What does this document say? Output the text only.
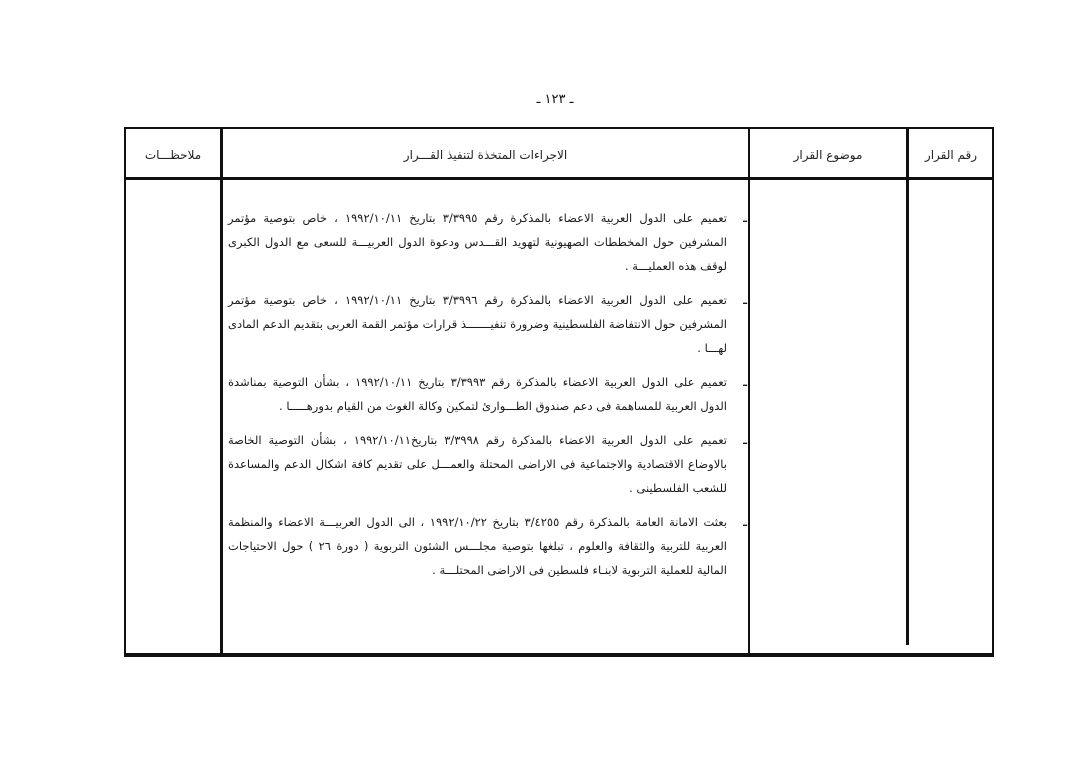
ـ ١٢٣ ـ
رقم القرار
موضوع القرار
الاجراءات المتخذة لتنفيذ القـــرار
ملاحظـــات
ـ
تعميم على الدول العربية الاعضاء بالمذكرة رقم ٣/٣٩٩٥ بتاريخ ١٩٩٢/١٠/١١ ، خاص بتوصية مؤتمر المشرفين حول المخططات الصهيونية لتهويد القـــدس ودعوة الدول العربيـــة للسعى مع الدول الكبرى لوقف هذه العمليـــة .
ـ
تعميم على الدول العربية الاعضاء بالمذكرة رقم ٣/٣٩٩٦ بتاريخ ١٩٩٢/١٠/١١ ، خاص بتوصية مؤتمر المشرفين حول الانتفاضة الفلسطينية وضرورة تنفيـــــــذ قرارات مؤتمر القمة العربى بتقديم الدعم المادى لهـــا .
ـ
تعميم على الدول العربية الاعضاء بالمذكرة رقم ٣/٣٩٩٣ بتاريخ ١٩٩٢/١٠/١١ ، بشأن التوصية بمناشدة الدول العربية للمساهمة فى دعم صندوق الطـــوارئ لتمكين وكالة الغوث من القيام بدورهـــــا .
ـ
تعميم على الدول العربية الاعضاء بالمذكرة رقم ٣/٣٩٩٨ بتاريخ١٩٩٢/١٠/١١ ، بشأن التوصية الخاصة بالاوضاع الاقتصادية والاجتماعية فى الاراضى المحتلة والعمـــل على تقديم كافة اشكال الدعم والمساعدة للشعب الفلسطينى .
ـ
بعثت الامانة العامة بالمذكرة رقم ٣/٤٢٥٥ بتاريخ ١٩٩٢/١٠/٢٢ ، الى الدول العربيـــة الاعضاء والمنظمة العربية للتربية والثقافة والعلوم ، تبلغها بتوصية مجلـــس الشئون التربوية ( دورة ٢٦ ) حول الاحتياجات المالية للعملية التربوية لابنـاء فلسطين فى الاراضى المحتلـــة .
